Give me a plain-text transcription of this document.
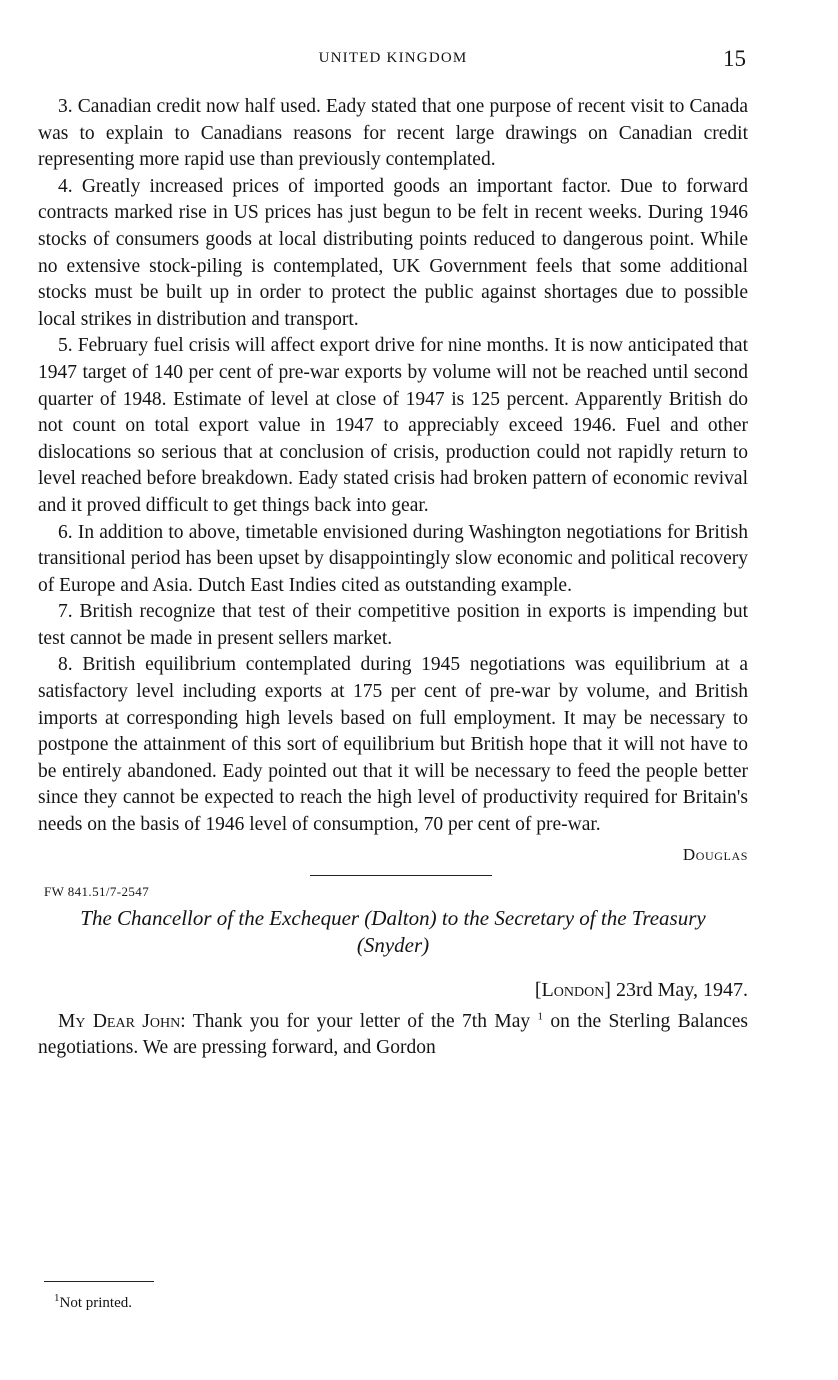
UNITED KINGDOM	15

3. Canadian credit now half used. Eady stated that one purpose of recent visit to Canada was to explain to Canadians reasons for recent large drawings on Canadian credit representing more rapid use than previously contemplated.

4. Greatly increased prices of imported goods an important factor. Due to forward contracts marked rise in US prices has just begun to be felt in recent weeks. During 1946 stocks of consumers goods at local distributing points reduced to dangerous point. While no extensive stock-piling is contemplated, UK Government feels that some additional stocks must be built up in order to protect the public against shortages due to possible local strikes in distribution and transport.

5. February fuel crisis will affect export drive for nine months. It is now anticipated that 1947 target of 140 per cent of pre-war exports by volume will not be reached until second quarter of 1948. Estimate of level at close of 1947 is 125 percent. Apparently British do not count on total export value in 1947 to appreciably exceed 1946. Fuel and other dislocations so serious that at conclusion of crisis, production could not rapidly return to level reached before breakdown. Eady stated crisis had broken pattern of economic revival and it proved difficult to get things back into gear.

6. In addition to above, timetable envisioned during Washington negotiations for British transitional period has been upset by disappointingly slow economic and political recovery of Europe and Asia. Dutch East Indies cited as outstanding example.

7. British recognize that test of their competitive position in exports is impending but test cannot be made in present sellers market.

8. British equilibrium contemplated during 1945 negotiations was equilibrium at a satisfactory level including exports at 175 per cent of pre-war by volume, and British imports at corresponding high levels based on full employment. It may be necessary to postpone the attainment of this sort of equilibrium but British hope that it will not have to be entirely abandoned. Eady pointed out that it will be necessary to feed the people better since they cannot be expected to reach the high level of productivity required for Britain's needs on the basis of 1946 level of consumption, 70 per cent of pre-war.

Douglas
FW 841.51/7-2547

The Chancellor of the Exchequer (Dalton) to the Secretary of the Treasury (Snyder)

[London] 23rd May, 1947.

My Dear John: Thank you for your letter of the 7th May $^1$ on the Sterling Balances negotiations. We are pressing forward, and Gordon

$^1$Not printed.
